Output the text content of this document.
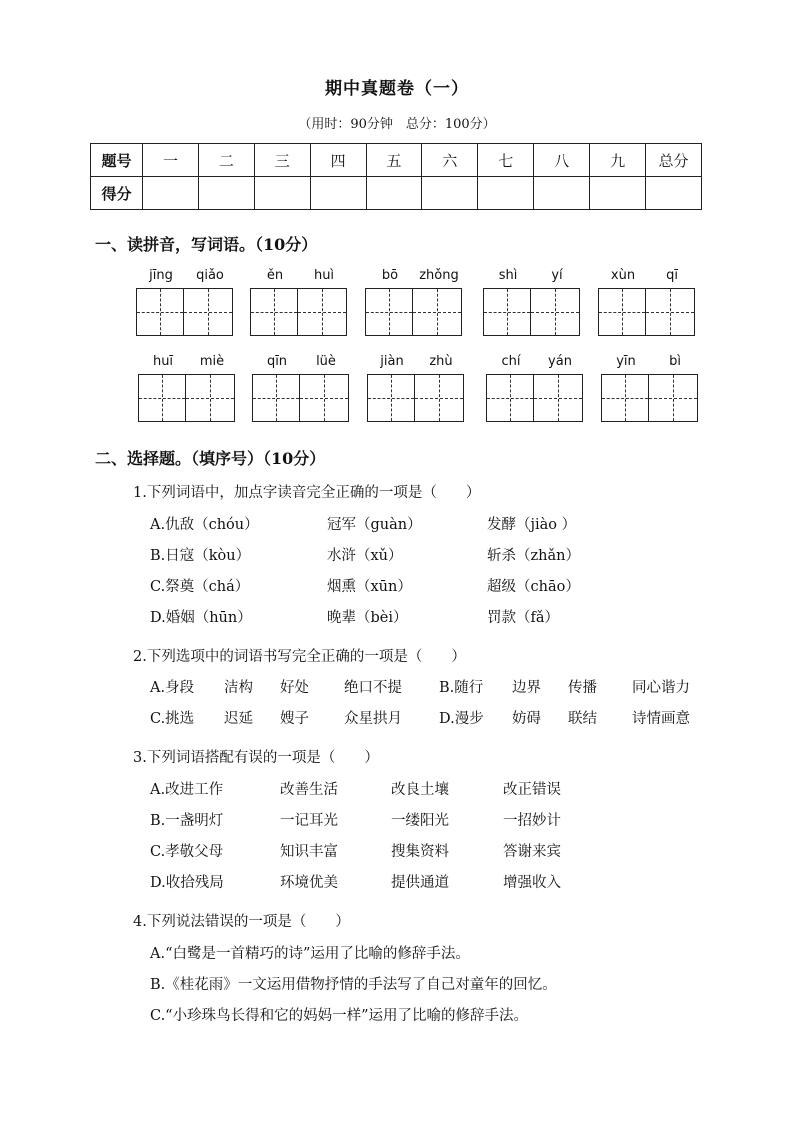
期中真题卷（一）
（用时：90分钟　总分：100分）
题号	一	二	三	四	五	六	七	八	九	总分
得分										
一、读拼音，写词语。（10分）
jīng	qiǎo	ěn	huì	bō	zhǒng	shì	yí	xùn	qī
huī	miè	qīn	lüè	jiàn	zhù	chí	yán	yīn	bì
二、选择题。（填序号）（10分）
1.下列词语中，加点字读音完全正确的一项是（　　）
A.仇敌（chóu）	冠军（guàn）	发酵（jiào ）
B.日寇（kòu）	水浒（xǔ）	斩杀（zhǎn）
C.祭奠（chá）	烟熏（xūn）	超级（chāo）
D.婚姻（hūn）	晚辈（bèi）	罚款（fǎ）
2.下列选项中的词语书写完全正确的一项是（　　）
A.身段 洁构 好处 绝口不提	B.随行 边界 传播 同心谐力
C.挑选 迟延 嫂子 众星拱月	D.漫步 妨碍 联结 诗情画意
3.下列词语搭配有误的一项是（　　）
A.改进工作	改善生活	改良土壤	改正错误
B.一盏明灯	一记耳光	一缕阳光	一招妙计
C.孝敬父母	知识丰富	搜集资料	答谢来宾
D.收拾残局	环境优美	提供通道	增强收入
4.下列说法错误的一项是（　　）
A.“白鹭是一首精巧的诗”运用了比喻的修辞手法。
B.《桂花雨》一文运用借物抒情的手法写了自己对童年的回忆。
C.“小珍珠鸟长得和它的妈妈一样”运用了比喻的修辞手法。
